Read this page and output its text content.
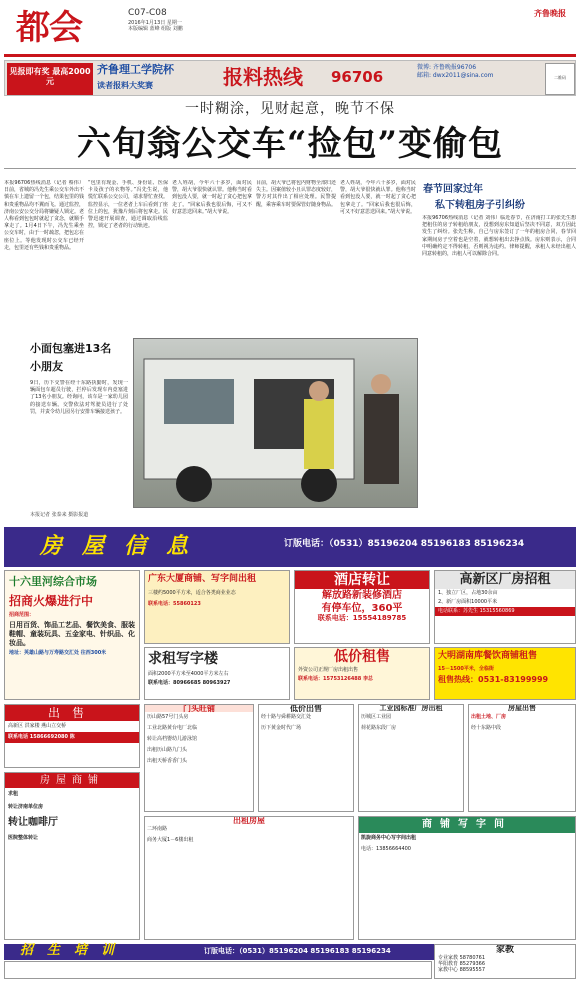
都会	C07-C08
2016年1月13日 星期一
本版编辑 蓝峰 组版 刘鹏
齐鲁晚报
见报即有奖 最高2000元
齐鲁理工学院杯
读者报料大奖赛	报料热线 96706
微博: 齐鲁晚报96706
邮箱: dwx2011@sina.com	二维码
一时糊涂，见财起意，晚节不保
六旬翁公交车“捡包”变偷包
本报96706热线消息（记者 蔡伟）日前，省城的冯先生乘公交车外出不慎在车上遗留一个包，结果包里的钱和贵重物品均不翼而飞。通过监控，济南公安公交分局将嫌疑人锁定。老人称看到包包时就起了贪念，就顺手拿走了。1月4日下午，冯先生乘坐公交车时，由于一时疏忽，把包忘在座位上。等他发现时公交车已经开走，包里还有些钱和贵重物品。
“包里有现金、手机、身份证、医保卡及孩子的衣物等。”冯先生说，他慌忙联系公交公司，请求帮忙查找。监控显示，一位老者上车后看到了座位上的包，犹豫片刻后将包拿走。民警迅速开展调查，通过调取沿线监控，锁定了老者的行动轨迹。
老人姓胡，今年六十多岁，面对民警，胡大爷很快就认罪。他称当时看到包没人要，就一时起了贪心把包拿走了。“回家后我也很后悔，可又不好意思送回来。”胡大爷说。
目前，胡大爷已将包内财物全部归还失主。因案值较小且认罪态度较好，警方对其作出了相应处理。民警提醒，乘客乘车时要保管好随身物品。
老人姓胡，今年六十多岁，面对民警，胡大爷很快就认罪。他称当时看到包没人要，就一时起了贪心把包拿走了。“回家后我也很后悔，可又不好意思送回来。”胡大爷说。
春节回家过年
私下转租房子引纠纷
本报96706热线消息（记者 刘伟）临近春节，在济南打工的张先生想把租住的房子转租给朋友，没想到房东知道后坚决不同意，双方因此发生了纠纷。张先生称，自己与房东签订了一年的租房合同，春节回家期间房子空着也是空着，就想转租出去挣点钱。房东则表示，合同中明确约定不得转租，否则视为违约。律师提醒，承租人未经出租人同意转租的，出租人可以解除合同。
小面包塞进13名小朋友
9日，历下交警在经十东路执勤时，发现一辆面包车超员行驶，拦停后发现车内竟塞进了13名小朋友。经询问，该车是一家幼儿园的接送车辆。交警依法对驾驶员进行了处罚，并责令幼儿园另行安排车辆接送孩子。
本报记者 张泰来 摄影报道
房屋信息	订版电话：（0531）85196204 85196183 85196234
十六里河综合市场
招商火爆进行中
招商范围：
日用百货、饰品工艺品、餐饮美食、服装鞋帽、童装玩具、五金家电、针织品、化妆品。
地址：英雄山路与万寿路交汇处 往西300米
广东大厦商铺、写字间出租
三楼约5000平方米，适合各类商业业态
联系电话：55860123
求租写字楼
面积2000平方米至4000平方米左右
联系电话：80966685 80963927
酒店转让
解放路新装修酒店
有停车位，360平
联系电话：15554189785
低价租售
外资公司正规厂房出租出售
联系电话：15753126488 李总
高新区厂房招租
1、独立厂区，占地30余亩
2、新厂房面积10000平米
电话联系：苏先生 15315560869
大明湖南库餐饮商铺租售
15－1500平米，全临街
租售热线：0531-83199999
出售
高新区 洪家楼 燕山立交桥
联系电话 15866692080 陈
门头旺铺
历山路57号门头房
工业北路黄台电厂北临
转让高档婴幼儿游泳馆
出租历山路九门头
出租天桥香香门头
低价出售
经十路与舜耕路交汇处
历下黄金时代广场
工业园标准厂房出租
历城区工业园
荷花路东段厂房
房屋出售
出租土地、厂房
经十东路中段
房屋商铺
求租
转让济南单位房
转让咖啡厅
医院整体转让
出租房屋
二环南路
商务大厦1－6楼出租
商铺写字间
凯旋商务中心写字间出租
电话：13856664400
招生培训	订版电话：（0531）85196204 85196183 85196234	家教
专业家教 58780761
华阳教育 85279366
家教中心 88595557
